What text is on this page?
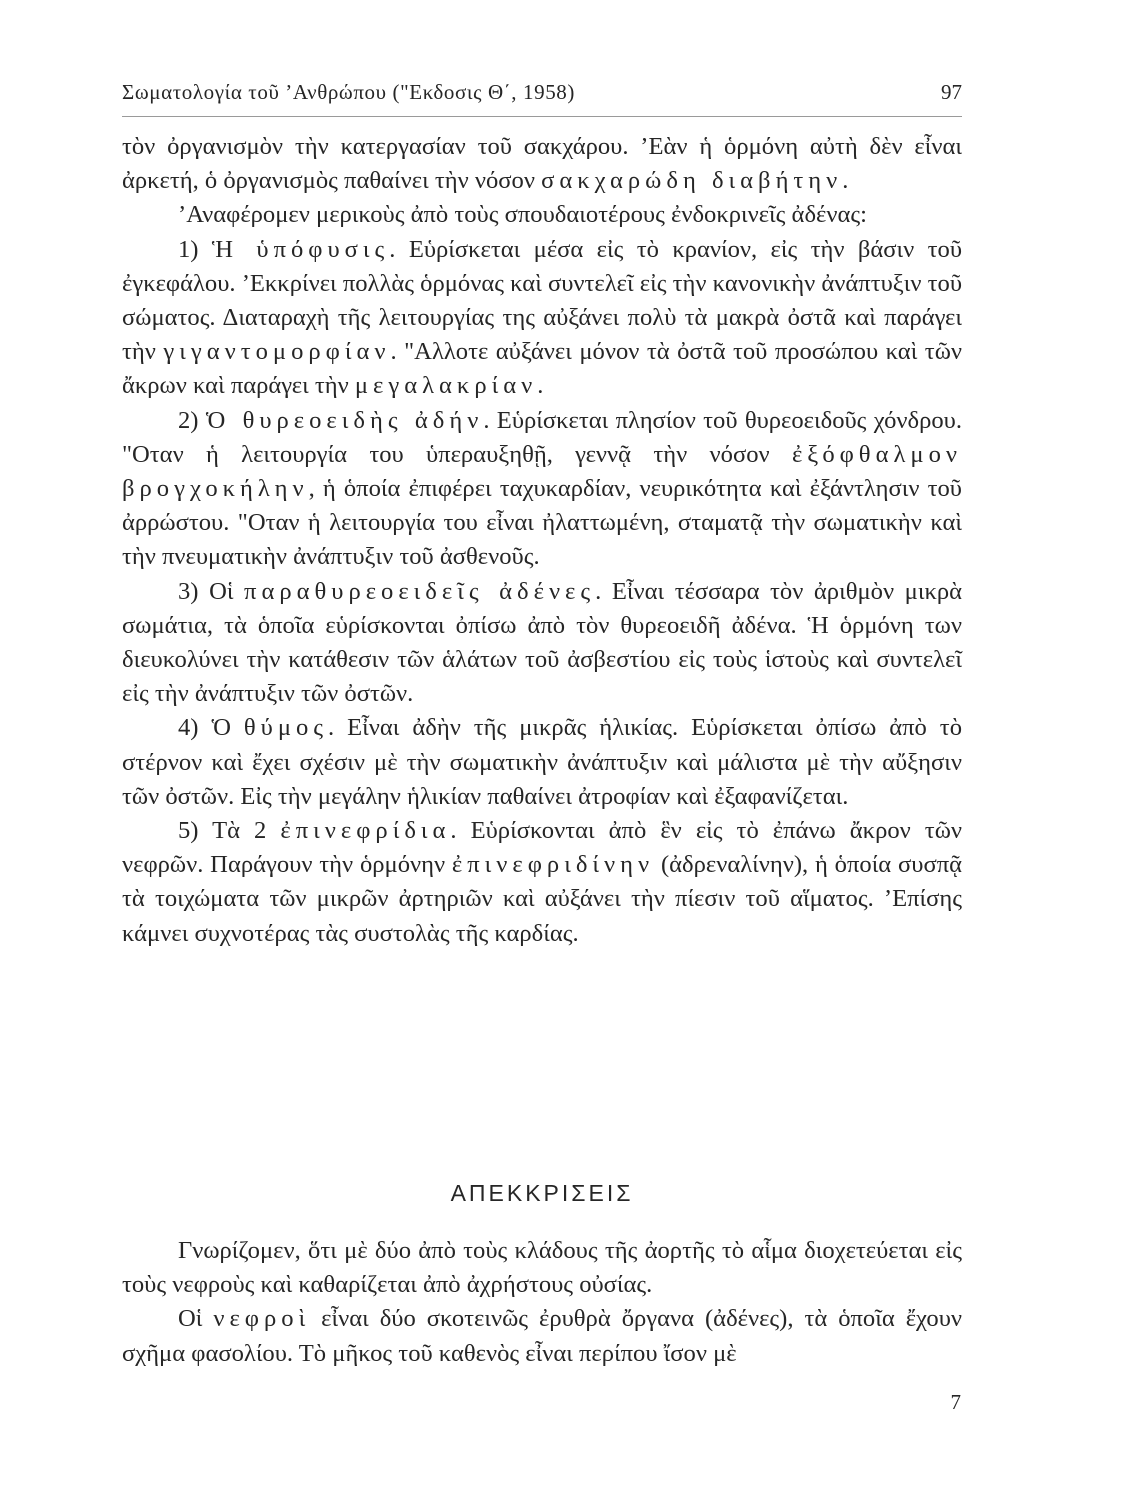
Σωματολογία τοῦ ’Ανθρώπου ("Εκδοσις Θ΄, 1958)	97

τὸν ὀργανισμὸν τὴν κατεργασίαν τοῦ σακχάρου. ’Εὰν ἡ ὁρμόνη αὐτὴ δὲν εἶναι ἀρκετή, ὁ ὀργανισμὸς παθαίνει τὴν νόσον σακχαρώδη διαβήτην.

’Αναφέρομεν μερικοὺς ἀπὸ τοὺς σπουδαιοτέρους ἐνδοκρινεῖς ἀδένας:

1) Ἡ ὑπόφυσις. Εὑρίσκεται μέσα εἰς τὸ κρανίον, εἰς τὴν βάσιν τοῦ ἐγκεφάλου. ’Εκκρίνει πολλὰς ὁρμόνας καὶ συντελεῖ εἰς τὴν κανονικὴν ἀνάπτυξιν τοῦ σώματος. Διαταραχὴ τῆς λειτουργίας της αὐξάνει πολὺ τὰ μακρὰ ὀστᾶ καὶ παράγει τὴν γιγαντομορφίαν. "Αλλοτε αὐξάνει μόνον τὰ ὀστᾶ τοῦ προσώπου καὶ τῶν ἄκρων καὶ παράγει τὴν μεγαλακρίαν.

2) Ὁ θυρεοειδὴς ἀδήν. Εὑρίσκεται πλησίον τοῦ θυρεοειδοῦς χόνδρου. "Οταν ἡ λειτουργία του ὑπεραυξηθῇ, γεννᾷ τὴν νόσον ἐξόφθαλμον βρογχοκήλην, ἡ ὁποία ἐπιφέρει ταχυκαρδίαν, νευρικότητα καὶ ἐξάντλησιν τοῦ ἀρρώστου. "Οταν ἡ λειτουργία του εἶναι ἠλαττωμένη, σταματᾷ τὴν σωματικὴν καὶ τὴν πνευματικὴν ἀνάπτυξιν τοῦ ἀσθενοῦς.

3) Οἱ παραθυρεοειδεῖς ἀδένες. Εἶναι τέσσαρα τὸν ἀριθμὸν μικρὰ σωμάτια, τὰ ὁποῖα εὑρίσκονται ὀπίσω ἀπὸ τὸν θυρεοειδῆ ἀδένα. Ἡ ὁρμόνη των διευκολύνει τὴν κατάθεσιν τῶν ἁλάτων τοῦ ἀσβεστίου εἰς τοὺς ἱστοὺς καὶ συντελεῖ εἰς τὴν ἀνάπτυξιν τῶν ὀστῶν.

4) Ὁ θύμος. Εἶναι ἀδὴν τῆς μικρᾶς ἡλικίας. Εὑρίσκεται ὀπίσω ἀπὸ τὸ στέρνον καὶ ἔχει σχέσιν μὲ τὴν σωματικὴν ἀνάπτυξιν καὶ μάλιστα μὲ τὴν αὔξησιν τῶν ὀστῶν. Εἰς τὴν μεγάλην ἡλικίαν παθαίνει ἀτροφίαν καὶ ἐξαφανίζεται.

5) Τὰ 2 ἐπινεφρίδια. Εὑρίσκονται ἀπὸ ἓν εἰς τὸ ἐπάνω ἄκρον τῶν νεφρῶν. Παράγουν τὴν ὁρμόνην ἐπινεφριδίνην (ἀδρεναλίνην), ἡ ὁποία συσπᾷ τὰ τοιχώματα τῶν μικρῶν ἀρτηριῶν καὶ αὐξάνει τὴν πίεσιν τοῦ αἵματος. ’Επίσης κάμνει συχνοτέρας τὰς συστολὰς τῆς καρδίας.

ΑΠΕΚΚΡΙΣΕΙΣ

Γνωρίζομεν, ὅτι μὲ δύο ἀπὸ τοὺς κλάδους τῆς ἀορτῆς τὸ αἷμα διοχετεύεται εἰς τοὺς νεφροὺς καὶ καθαρίζεται ἀπὸ ἀχρήστους οὐσίας.

Οἱ νεφροὶ εἶναι δύο σκοτεινῶς ἐρυθρὰ ὄργανα (ἀδένες), τὰ ὁποῖα ἔχουν σχῆμα φασολίου. Τὸ μῆκος τοῦ καθενὸς εἶναι περίπου ἴσον μὲ

7
